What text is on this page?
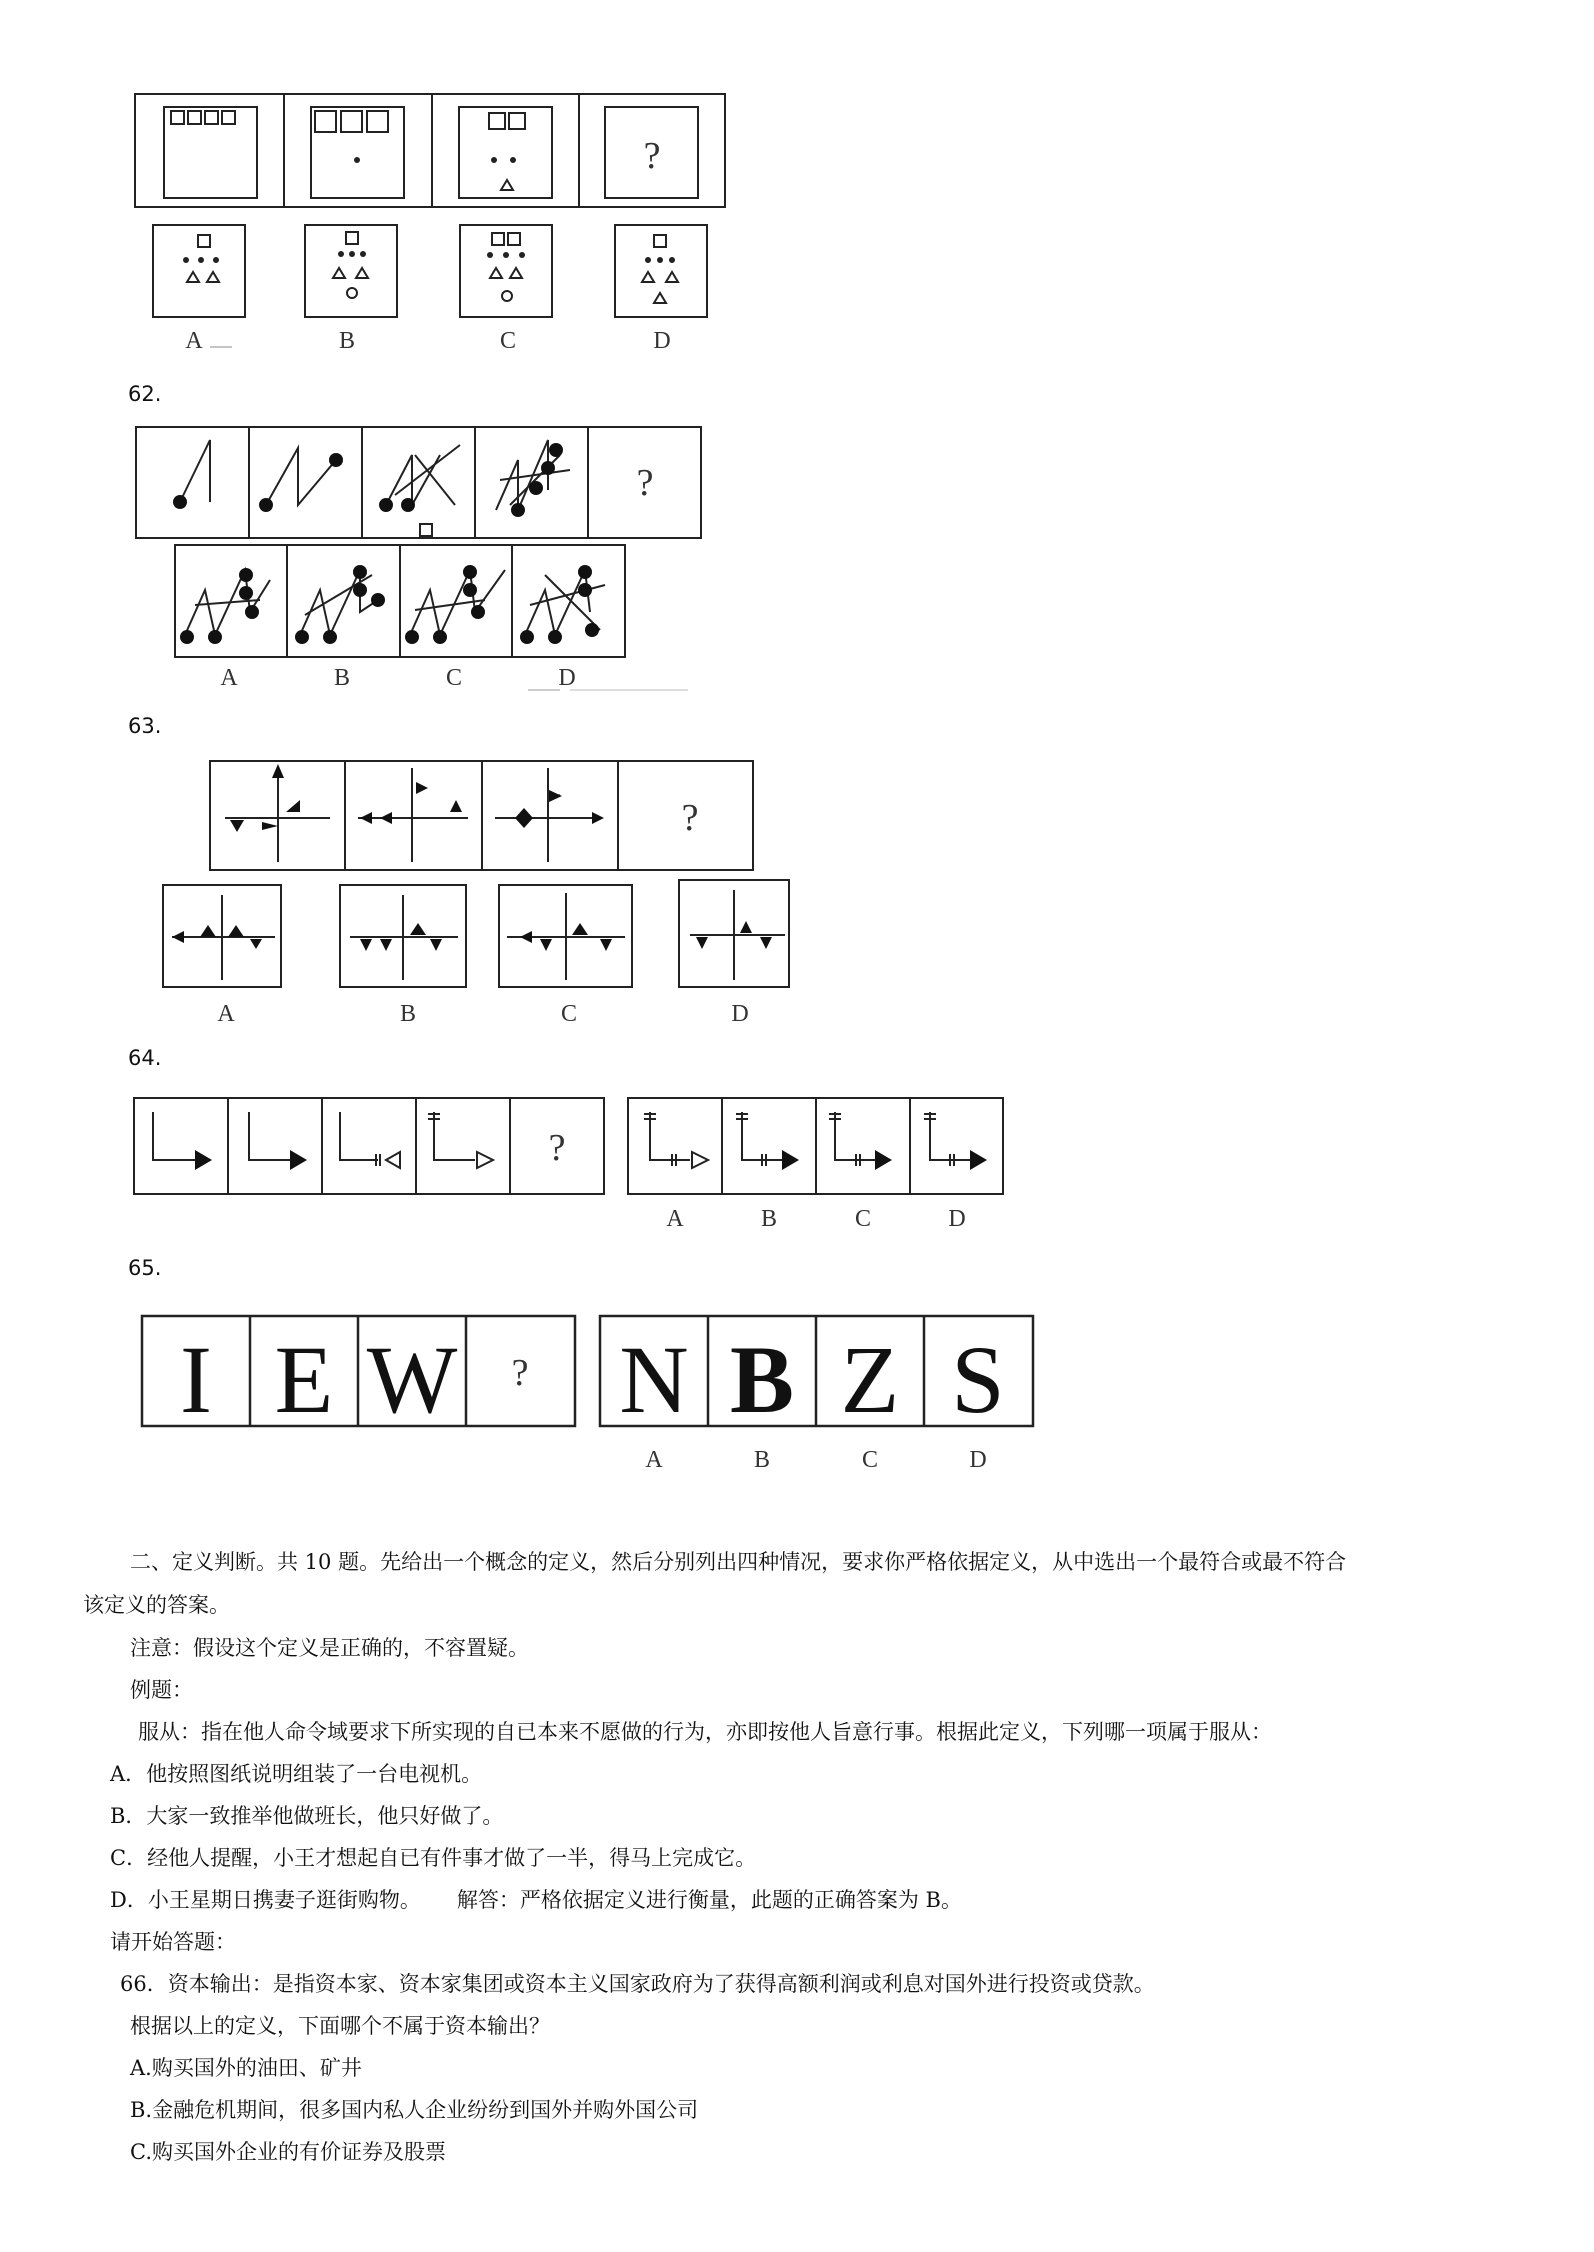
?
A	B	C	D
62.
?
A	B	C	D
63.
?
A	B	C	D
64.
?
A	B	C	D
65.
I E W ? N B Z S
A	B	C	D
二、定义判断。共 10 题。先给出一个概念的定义，然后分别列出四种情况，要求你严格依据定义，从中选出一个最符合或最不符合
该定义的答案。
注意：假设这个定义是正确的，不容置疑。
例题：
服从：指在他人命令域要求下所实现的自已本来不愿做的行为，亦即按他人旨意行事。根据此定义，下列哪一项属于服从：
A．他按照图纸说明组装了一台电视机。
B．大家一致推举他做班长，他只好做了。
C．经他人提醒，小王才想起自已有件事才做了一半，得马上完成它。
D．小王星期日携妻子逛街购物。 解答：严格依据定义进行衡量，此题的正确答案为 B。
请开始答题：
66．资本输出：是指资本家、资本家集团或资本主义国家政府为了获得高额利润或利息对国外进行投资或贷款。
根据以上的定义，下面哪个不属于资本输出？
A.购买国外的油田、矿井
B.金融危机期间，很多国内私人企业纷纷到国外并购外国公司
C.购买国外企业的有价证券及股票
